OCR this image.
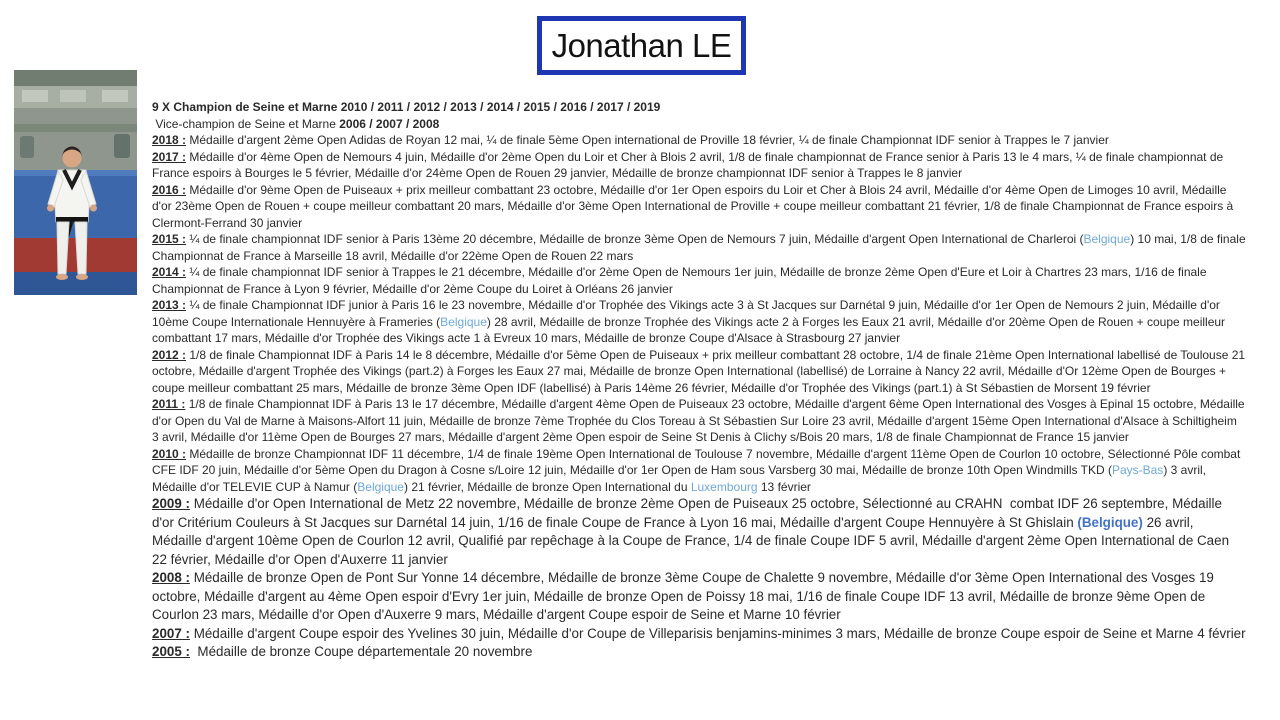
Jonathan LE

9 X Champion de Seine et Marne 2010 / 2011 / 2012 / 2013 / 2014 / 2015 / 2016 / 2017 / 2019

Vice-champion de Seine et Marne 2006 / 2007 / 2008

2018 : Médaille d'argent 2ème Open Adidas de Royan 12 mai, ¼ de finale 5ème Open international de Proville 18 février, ¼ de finale Championnat IDF senior à Trappes le 7 janvier

2017 : Médaille d'or 4ème Open de Nemours 4 juin, Médaille d'or 2ème Open du Loir et Cher à Blois 2 avril, 1/8 de finale championnat de France senior à Paris 13 le 4 mars, ¼ de finale championnat de France espoirs à Bourges le 5 février, Médaille d'or 24ème Open de Rouen 29 janvier, Médaille de bronze championnat IDF senior à Trappes le 8 janvier

2016 : Médaille d'or 9ème Open de Puiseaux + prix meilleur combattant 23 octobre, Médaille d'or 1er Open espoirs du Loir et Cher à Blois 24 avril, Médaille d'or 4ème Open de Limoges 10 avril, Médaille d'or 23ème Open de Rouen + coupe meilleur combattant 20 mars, Médaille d'or 3ème Open International de Proville + coupe meilleur combattant 21 février, 1/8 de finale Championnat de France espoirs à Clermont-Ferrand 30 janvier

2015 : ¼ de finale championnat IDF senior à Paris 13ème 20 décembre, Médaille de bronze 3ème Open de Nemours 7 juin, Médaille d'argent Open International de Charleroi (Belgique) 10 mai, 1/8 de finale Championnat de France à Marseille 18 avril, Médaille d'or 22ème Open de Rouen 22 mars

2014 : ¼ de finale championnat IDF senior à Trappes le 21 décembre, Médaille d'or 2ème Open de Nemours 1er juin, Médaille de bronze 2ème Open d'Eure et Loir à Chartres 23 mars, 1/16 de finale Championnat de France à Lyon 9 février, Médaille d'or 2ème Coupe du Loiret à Orléans 26 janvier

2013 : ¼ de finale Championnat IDF junior à Paris 16 le 23 novembre, Médaille d'or Trophée des Vikings acte 3 à St Jacques sur Darnétal 9 juin, Médaille d'or 1er Open de Nemours 2 juin, Médaille d'or 10ème Coupe Internationale Hennuyère à Frameries (Belgique) 28 avril, Médaille de bronze Trophée des Vikings acte 2 à Forges les Eaux 21 avril, Médaille d'or 20ème Open de Rouen + coupe meilleur combattant 17 mars, Médaille d'or Trophée des Vikings acte 1 à Evreux 10 mars, Médaille de bronze Coupe d'Alsace à Strasbourg 27 janvier

2012 : 1/8 de finale Championnat IDF à Paris 14 le 8 décembre, Médaille d'or 5ème Open de Puiseaux + prix meilleur combattant 28 octobre, 1/4 de finale 21ème Open International labellisé de Toulouse 21 octobre, Médaille d'argent Trophée des Vikings (part.2) à Forges les Eaux 27 mai, Médaille de bronze Open International (labellisé) de Lorraine à Nancy 22 avril, Médaille d'Or 12ème Open de Bourges + coupe meilleur combattant 25 mars, Médaille de bronze 3ème Open IDF (labellisé) à Paris 14ème 26 février, Médaille d'or Trophée des Vikings (part.1) à St Sébastien de Morsent 19 février

2011 : 1/8 de finale Championnat IDF à Paris 13 le 17 décembre, Médaille d'argent 4ème Open de Puiseaux 23 octobre, Médaille d'argent 6ème Open International des Vosges à Epinal 15 octobre, Médaille d'or Open du Val de Marne à Maisons-Alfort 11 juin, Médaille de bronze 7ème Trophée du Clos Toreau à St Sébastien Sur Loire 23 avril, Médaille d'argent 15ème Open International d'Alsace à Schiltigheim 3 avril, Médaille d'or 11ème Open de Bourges 27 mars, Médaille d'argent 2ème Open espoir de Seine St Denis à Clichy s/Bois 20 mars, 1/8 de finale Championnat de France 15 janvier

2010 : Médaille de bronze Championnat IDF 11 décembre, 1/4 de finale 19ème Open International de Toulouse 7 novembre, Médaille d'argent 11ème Open de Courlon 10 octobre, Sélectionné Pôle combat CFE IDF 20 juin, Médaille d'or 5ème Open du Dragon à Cosne s/Loire 12 juin, Médaille d'or 1er Open de Ham sous Varsberg 30 mai, Médaille de bronze 10th Open Windmills TKD (Pays-Bas) 3 avril, Médaille d'or TELEVIE CUP à Namur (Belgique) 21 février, Médaille de bronze Open International du Luxembourg 13 février

2009 : Médaille d'or Open International de Metz 22 novembre, Médaille de bronze 2ème Open de Puiseaux 25 octobre, Sélectionné au CRAHN  combat IDF 26 septembre, Médaille d'or Critérium Couleurs à St Jacques sur Darnétal 14 juin, 1/16 de finale Coupe de France à Lyon 16 mai, Médaille d'argent Coupe Hennuyère à St Ghislain (Belgique) 26 avril, Médaille d'argent 10ème Open de Courlon 12 avril, Qualifié par repêchage à la Coupe de France, 1/4 de finale Coupe IDF 5 avril, Médaille d'argent 2ème Open International de Caen 22 février, Médaille d'or Open d'Auxerre 11 janvier

2008 : Médaille de bronze Open de Pont Sur Yonne 14 décembre, Médaille de bronze 3ème Coupe de Chalette 9 novembre, Médaille d'or 3ème Open International des Vosges 19 octobre, Médaille d'argent au 4ème Open espoir d'Evry 1er juin, Médaille de bronze Open de Poissy 18 mai, 1/16 de finale Coupe IDF 13 avril, Médaille de bronze 9ème Open de Courlon 23 mars, Médaille d'or Open d'Auxerre 9 mars, Médaille d'argent Coupe espoir de Seine et Marne 10 février

2007 : Médaille d'argent Coupe espoir des Yvelines 30 juin, Médaille d'or Coupe de Villeparisis benjamins-minimes 3 mars, Médaille de bronze Coupe espoir de Seine et Marne 4 février

2005 :  Médaille de bronze Coupe départementale 20 novembre
